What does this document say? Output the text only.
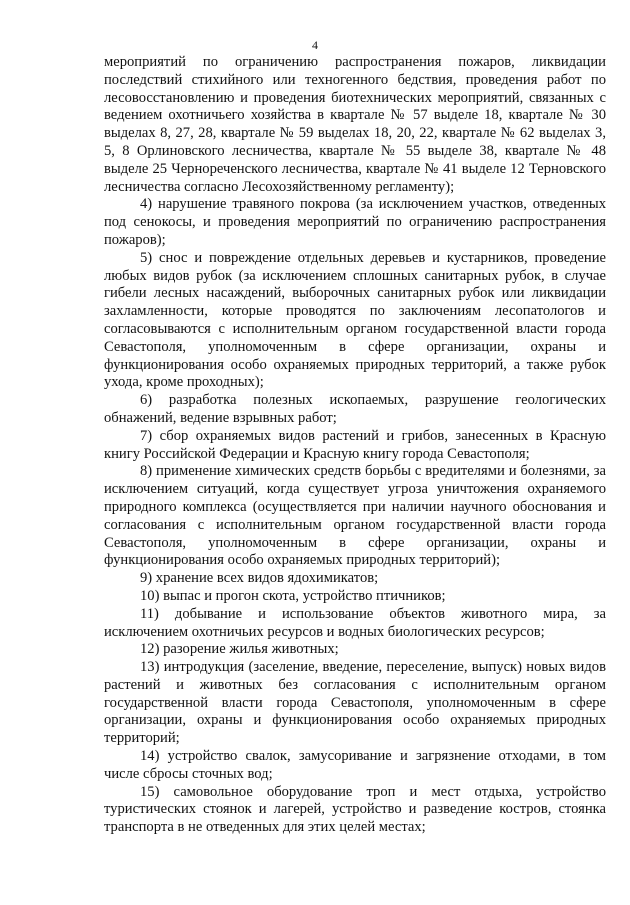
4

мероприятий по ограничению распространения пожаров, ликвидации последствий стихийного или техногенного бедствия, проведения работ по лесовосстановлению и проведения биотехнических мероприятий, связанных с ведением охотничьего хозяйства в квартале № 57 выделе 18, квартале № 30 выделах 8, 27, 28, квартале № 59 выделах 18, 20, 22, квартале № 62 выделах 3, 5, 8 Орлиновского лесничества, квартале № 55 выделе 38, квартале № 48 выделе 25 Чернореченского лесничества, квартале № 41 выделе 12 Терновского лесничества согласно Лесохозяйственному регламенту);

4) нарушение травяного покрова (за исключением участков, отведенных под сенокосы, и проведения мероприятий по ограничению распространения пожаров);

5) снос и повреждение отдельных деревьев и кустарников, проведение любых видов рубок (за исключением сплошных санитарных рубок, в случае гибели лесных насаждений, выборочных санитарных рубок или ликвидации захламленности, которые проводятся по заключениям лесопатологов и согласовываются с исполнительным органом государственной власти города Севастополя, уполномоченным в сфере организации, охраны и функционирования особо охраняемых природных территорий, а также рубок ухода, кроме проходных);

6) разработка полезных ископаемых, разрушение геологических обнажений, ведение взрывных работ;

7) сбор охраняемых видов растений и грибов, занесенных в Красную книгу Российской Федерации и Красную книгу города Севастополя;

8) применение химических средств борьбы с вредителями и болезнями, за исключением ситуаций, когда существует угроза уничтожения охраняемого природного комплекса (осуществляется при наличии научного обоснования и согласования с исполнительным органом государственной власти города Севастополя, уполномоченным в сфере организации, охраны и функционирования особо охраняемых природных территорий);

9) хранение всех видов ядохимикатов;

10) выпас и прогон скота, устройство птичников;

11) добывание и использование объектов животного мира, за исключением охотничьих ресурсов и водных биологических ресурсов;

12) разорение жилья животных;

13) интродукция (заселение, введение, переселение, выпуск) новых видов растений и животных без согласования с исполнительным органом государственной власти города Севастополя, уполномоченным в сфере организации, охраны и функционирования особо охраняемых природных территорий;

14) устройство свалок, замусоривание и загрязнение отходами, в том числе сбросы сточных вод;

15) самовольное оборудование троп и мест отдыха, устройство туристических стоянок и лагерей, устройство и разведение костров, стоянка транспорта в не отведенных для этих целей местах;
